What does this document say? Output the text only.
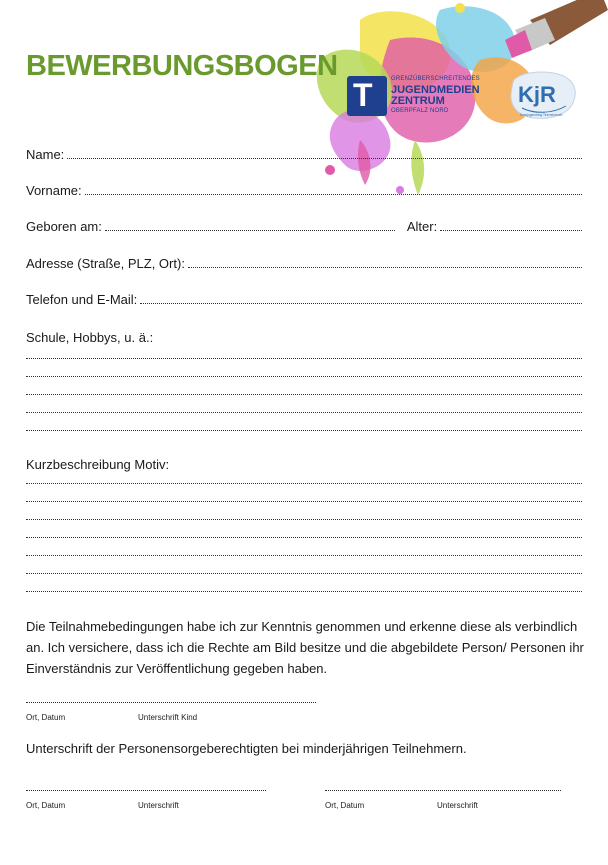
BEWERBUNGSBOGEN
T	GRENZÜBERSCHREITENDES
JUGENDMEDIEN
ZENTRUM
OBERPFALZ NORD
KjR
Kreisjugendring Tirschenreuth
Name:
Vorname:
Geboren am:	Alter:
Adresse (Straße, PLZ, Ort):
Telefon und E-Mail:
Schule, Hobbys, u. ä.:
Kurzbeschreibung Motiv:
Die Teilnahmebedingungen habe ich zur Kenntnis genommen und erkenne diese als verbindlich an. Ich versichere, dass ich die Rechte am Bild besitze und die abgebildete Person/ Personen ihr Einverständnis zur Veröffentlichung gegeben haben.
Ort, Datum	Unterschrift Kind
Unterschrift der Personensorgeberechtigten bei minderjährigen Teilnehmern.
Ort, Datum	Unterschrift	Ort, Datum	Unterschrift
